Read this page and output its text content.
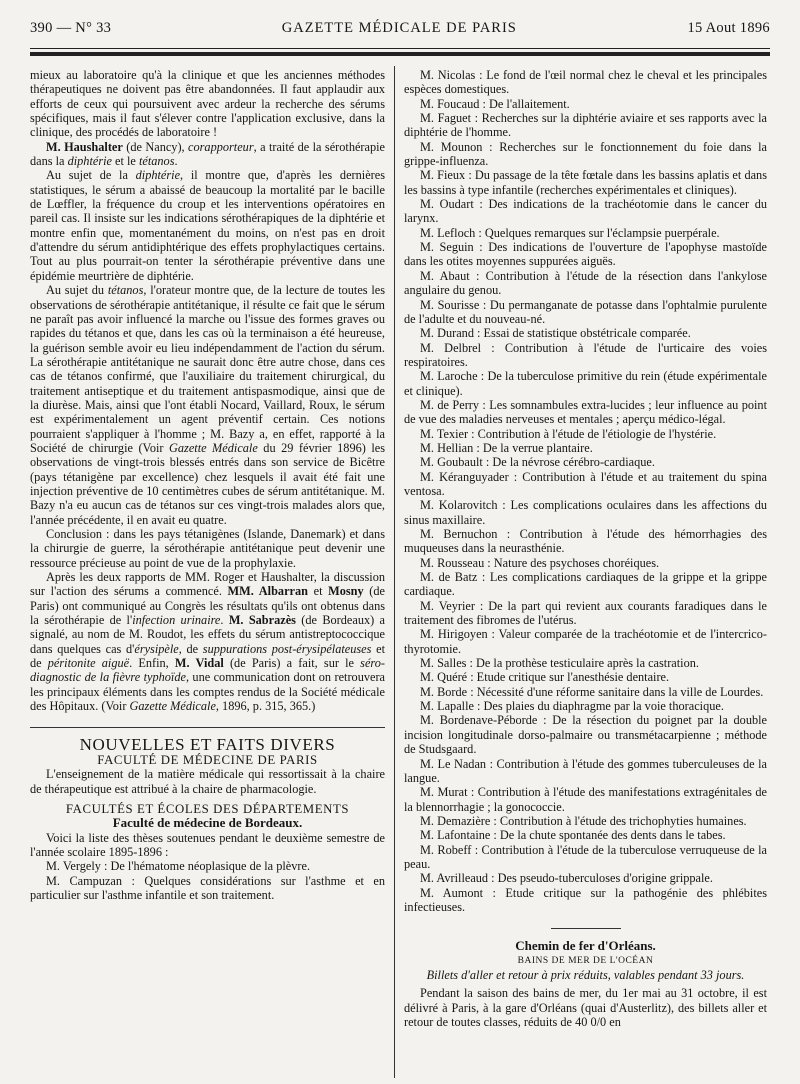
390 — N° 33	GAZETTE MÉDICALE DE PARIS	15 Aout 1896

mieux au laboratoire qu'à la clinique et que les anciennes méthodes thérapeutiques ne doivent pas être abandonnées. Il faut applaudir aux efforts de ceux qui poursuivent avec ardeur la recherche des sérums spécifiques, mais il faut s'élever contre l'application exclusive, dans la clinique, des procédés de laboratoire !

M. Haushalter (de Nancy), corapporteur, a traité de la sérothérapie dans la diphtérie et le tétanos.

Au sujet de la diphtérie, il montre que, d'après les dernières statistiques, le sérum a abaissé de beaucoup la mortalité par le bacille de Lœffler, la fréquence du croup et les interventions opératoires en pareil cas. Il insiste sur les indications sérothérapiques de la diphtérie et montre enfin que, momentanément du moins, on n'est pas en droit d'attendre du sérum antidiphtérique des effets prophylactiques certains. Tout au plus pourrait-on tenter la sérothérapie préventive dans une épidémie meurtrière de diphtérie.

Au sujet du tétanos, l'orateur montre que, de la lecture de toutes les observations de sérothérapie antitétanique, il résulte ce fait que le sérum ne paraît pas avoir influencé la marche ou l'issue des formes graves ou rapides du tétanos et que, dans les cas où la terminaison a été heureuse, la guérison semble avoir eu lieu indépendamment de l'action du sérum. La sérothérapie antitétanique ne saurait donc être autre chose, dans ces cas de tétanos confirmé, que l'auxiliaire du traitement chirurgical, du traitement antiseptique et du traitement antispasmodique, ainsi que de la diurèse. Mais, ainsi que l'ont établi Nocard, Vaillard, Roux, le sérum est expérimentalement un agent préventif certain. Ces notions pourraient s'appliquer à l'homme ; M. Bazy a, en effet, rapporté à la Société de chirurgie (Voir Gazette Médicale du 29 février 1896) les observations de vingt-trois blessés entrés dans son service de Bicêtre (pays tétanigène par excellence) chez lesquels il avait été fait une injection préventive de 10 centimètres cubes de sérum antitétanique. M. Bazy n'a eu aucun cas de tétanos sur ces vingt-trois malades alors que, l'année précédente, il en avait eu quatre.

Conclusion : dans les pays tétanigènes (Islande, Danemark) et dans la chirurgie de guerre, la sérothérapie antitétanique peut devenir une ressource précieuse au point de vue de la prophylaxie.

Après les deux rapports de MM. Roger et Haushalter, la discussion sur l'action des sérums a commencé. MM. Albarran et Mosny (de Paris) ont communiqué au Congrès les résultats qu'ils ont obtenus dans la sérothérapie de l'infection urinaire. M. Sabrazès (de Bordeaux) a signalé, au nom de M. Roudot, les effets du sérum antistreptococcique dans quelques cas d'érysipèle, de suppurations post-érysipélateuses et de péritonite aiguë. Enfin, M. Vidal (de Paris) a fait, sur le séro-diagnostic de la fièvre typhoïde, une communication dont on retrouvera les principaux éléments dans les comptes rendus de la Société médicale des Hôpitaux. (Voir Gazette Médicale, 1896, p. 315, 365.)

NOUVELLES ET FAITS DIVERS

FACULTÉ DE MÉDECINE DE PARIS

L'enseignement de la matière médicale qui ressortissait à la chaire de thérapeutique est attribué à la chaire de pharmacologie.

FACULTÉS ET ÉCOLES DES DÉPARTEMENTS

Faculté de médecine de Bordeaux.

Voici la liste des thèses soutenues pendant le deuxième semestre de l'année scolaire 1895-1896 :

M. Vergely : De l'hématome néoplasique de la plèvre.

M. Campuzan : Quelques considérations sur l'asthme et en particulier sur l'asthme infantile et son traitement.

M. Nicolas : Le fond de l'œil normal chez le cheval et les principales espèces domestiques.

M. Foucaud : De l'allaitement.

M. Faguet : Recherches sur la diphtérie aviaire et ses rapports avec la diphtérie de l'homme.

M. Mounon : Recherches sur le fonctionnement du foie dans la grippe-influenza.

M. Fieux : Du passage de la tête fœtale dans les bassins aplatis et dans les bassins à type infantile (recherches expérimentales et cliniques).

M. Oudart : Des indications de la trachéotomie dans le cancer du larynx.

M. Lefloch : Quelques remarques sur l'éclampsie puerpérale.

M. Seguin : Des indications de l'ouverture de l'apophyse mastoïde dans les otites moyennes suppurées aiguës.

M. Abaut : Contribution à l'étude de la résection dans l'ankylose angulaire du genou.

M. Sourisse : Du permanganate de potasse dans l'ophtalmie purulente de l'adulte et du nouveau-né.

M. Durand : Essai de statistique obstétricale comparée.

M. Delbrel : Contribution à l'étude de l'urticaire des voies respiratoires.

M. Laroche : De la tuberculose primitive du rein (étude expérimentale et clinique).

M. de Perry : Les somnambules extra-lucides ; leur influence au point de vue des maladies nerveuses et mentales ; aperçu médico-légal.

M. Texier : Contribution à l'étude de l'étiologie de l'hystérie.

M. Hellian : De la verrue plantaire.

M. Goubault : De la névrose cérébro-cardiaque.

M. Kéranguyader : Contribution à l'étude et au traitement du spina ventosa.

M. Kolarovitch : Les complications oculaires dans les affections du sinus maxillaire.

M. Bernuchon : Contribution à l'étude des hémorrhagies des muqueuses dans la neurasthénie.

M. Rousseau : Nature des psychoses choréiques.

M. de Batz : Les complications cardiaques de la grippe et la grippe cardiaque.

M. Veyrier : De la part qui revient aux courants faradiques dans le traitement des fibromes de l'utérus.

M. Hirigoyen : Valeur comparée de la trachéotomie et de l'intercrico-thyrotomie.

M. Salles : De la prothèse testiculaire après la castration.

M. Quéré : Etude critique sur l'anesthésie dentaire.

M. Borde : Nécessité d'une réforme sanitaire dans la ville de Lourdes.

M. Lapalle : Des plaies du diaphragme par la voie thoracique.

M. Bordenave-Péborde : De la résection du poignet par la double incision longitudinale dorso-palmaire ou transmétacarpienne ; méthode de Studsgaard.

M. Le Nadan : Contribution à l'étude des gommes tuberculeuses de la langue.

M. Murat : Contribution à l'étude des manifestations extragénitales de la blennorrhagie ; la gonococcie.

M. Demazière : Contribution à l'étude des trichophyties humaines.

M. Lafontaine : De la chute spontanée des dents dans le tabes.

M. Robeff : Contribution à l'étude de la tuberculose verruqueuse de la peau.

M. Avrilleaud : Des pseudo-tuberculoses d'origine grippale.

M. Aumont : Etude critique sur la pathogénie des phlébites infectieuses.

Chemin de fer d'Orléans.

BAINS DE MER DE L'OCÉAN

Billets d'aller et retour à prix réduits, valables pendant 33 jours.

Pendant la saison des bains de mer, du 1er mai au 31 octobre, il est délivré à Paris, à la gare d'Orléans (quai d'Austerlitz), des billets aller et retour de toutes classes, réduits de 40 0/0 en
